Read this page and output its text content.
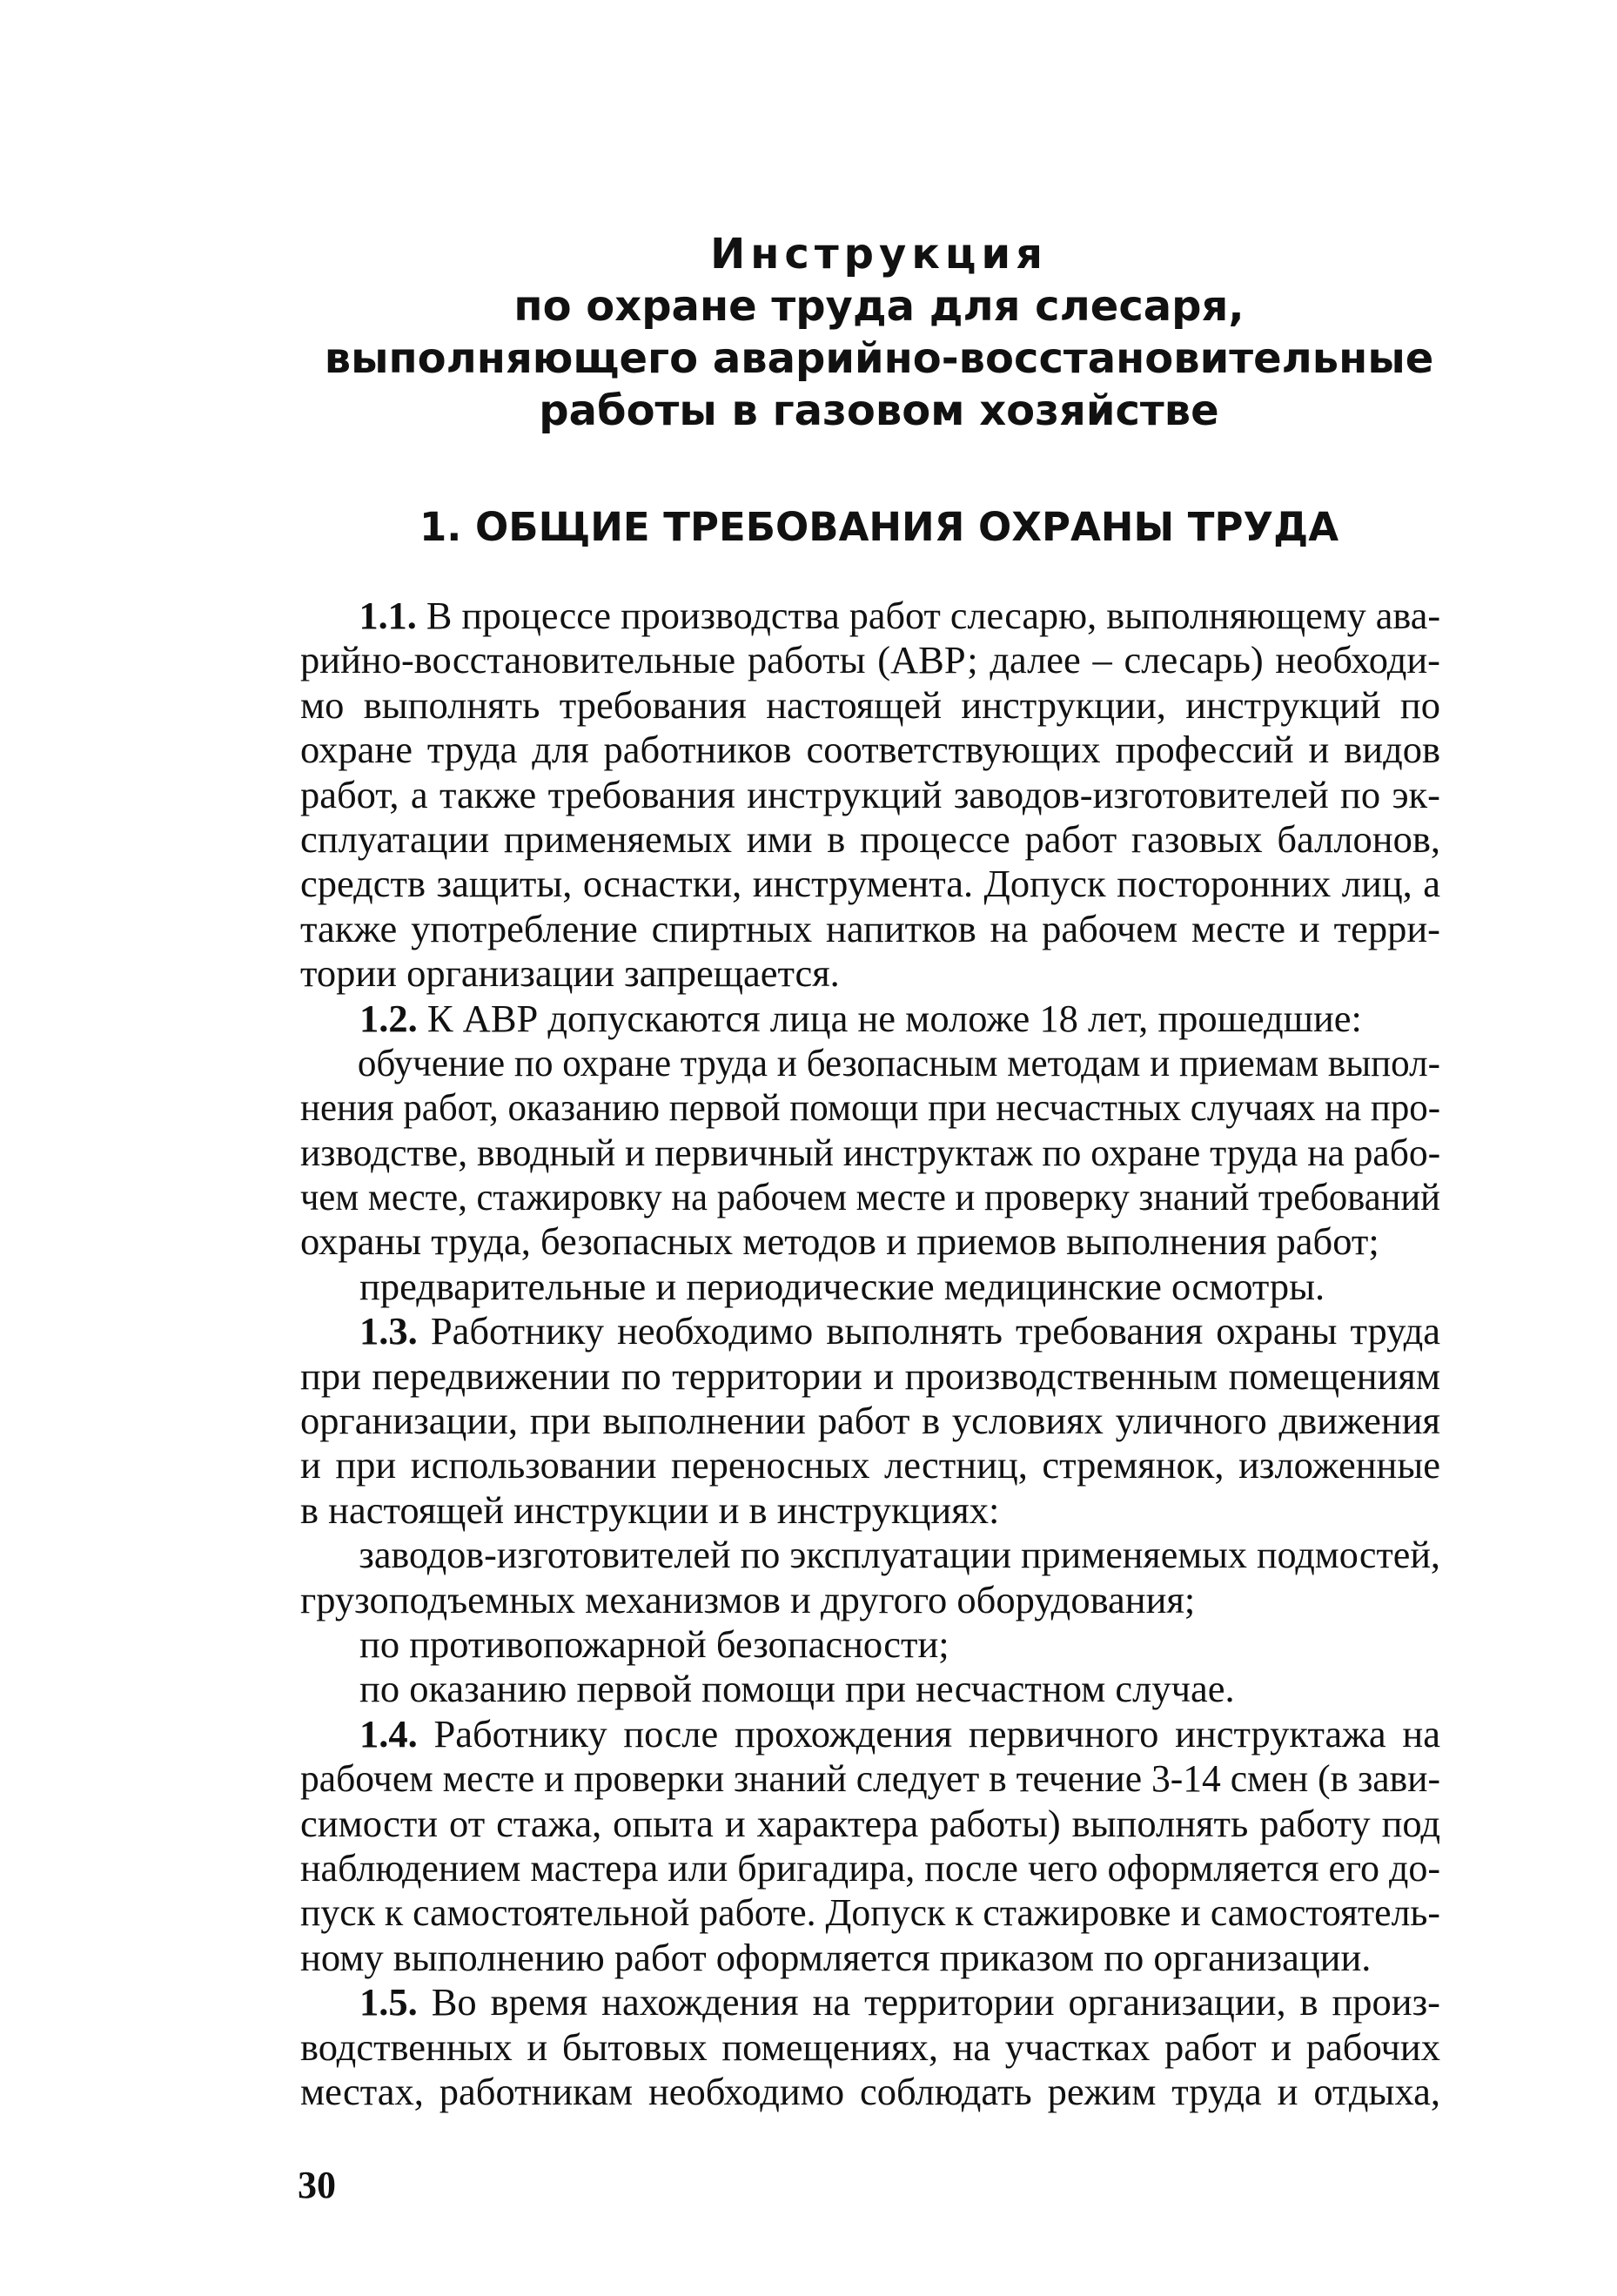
Инструкция
по охране труда для слесаря,
выполняющего аварийно-восстановительные
работы в газовом хозяйстве
1. ОБЩИЕ ТРЕБОВАНИЯ ОХРАНЫ ТРУДА
1.1. В процессе производства работ слесарю, выполняющему ава-
рийно-восстановительные работы (АВР; далее – слесарь) необходи-
мо выполнять требования настоящей инструкции, инструкций по
охране труда для работников соответствующих профессий и видов
работ, а также требования инструкций заводов-изготовителей по эк-
сплуатации применяемых ими в процессе работ газовых баллонов,
средств защиты, оснастки, инструмента. Допуск посторонних лиц, а
также употребление спиртных напитков на рабочем месте и терри-
тории организации запрещается.
1.2. К АВР допускаются лица не моложе 18 лет, прошедшие:
обучение по охране труда и безопасным методам и приемам выпол-
нения работ, оказанию первой помощи при несчастных случаях на про-
изводстве, вводный и первичный инструктаж по охране труда на рабо-
чем месте, стажировку на рабочем месте и проверку знаний требований
охраны труда, безопасных методов и приемов выполнения работ;
предварительные и периодические медицинские осмотры.
1.3. Работнику необходимо выполнять требования охраны труда
при передвижении по территории и производственным помещениям
организации, при выполнении работ в условиях уличного движения
и при использовании переносных лестниц, стремянок, изложенные
в настоящей инструкции и в инструкциях:
заводов-изготовителей по эксплуатации применяемых подмостей,
грузоподъемных механизмов и другого оборудования;
по противопожарной безопасности;
по оказанию первой помощи при несчастном случае.
1.4. Работнику после прохождения первичного инструктажа на
рабочем месте и проверки знаний следует в течение 3-14 смен (в зави-
симости от стажа, опыта и характера работы) выполнять работу под
наблюдением мастера или бригадира, после чего оформляется его до-
пуск к самостоятельной работе. Допуск к стажировке и самостоятель-
ному выполнению работ оформляется приказом по организации.
1.5. Во время нахождения на территории организации, в произ-
водственных и бытовых помещениях, на участках работ и рабочих
местах, работникам необходимо соблюдать режим труда и отдыха,
30
